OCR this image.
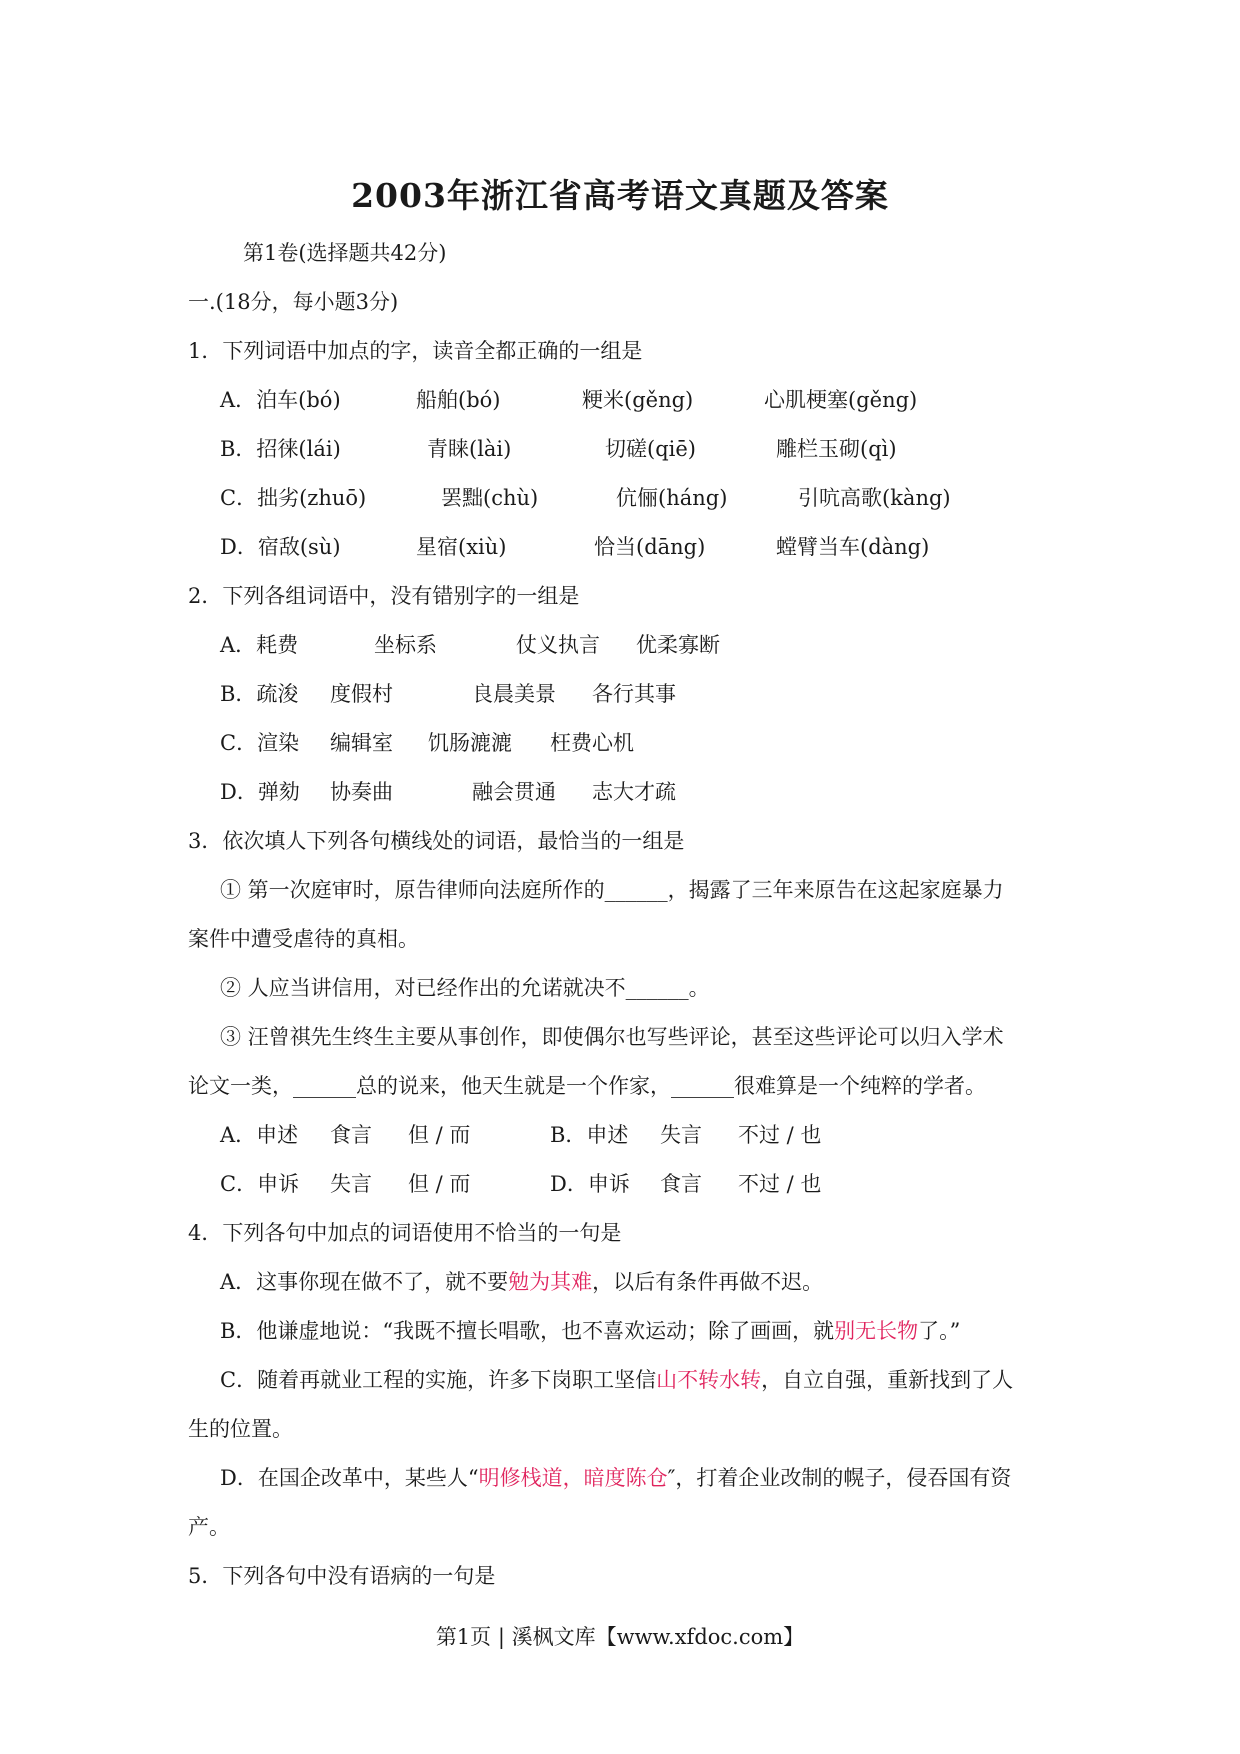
2003年浙江省高考语文真题及答案
第1卷(选择题共42分)
一.(18分，每小题3分)
1．下列词语中加点的字，读音全都正确的一组是
A．泊车(bó)	船舶(bó)	粳米(gěng)	心肌梗塞(gěng)
B．招徕(lái)	青睐(lài)	切磋(qiē)	雕栏玉砌(qì)
C．拙劣(zhuō)	罢黜(chù)	伉俪(háng)	引吭高歌(kàng)
D．宿敌(sù)	星宿(xiù)	恰当(dāng)	螳臂当车(dàng)
2．下列各组词语中，没有错别字的一组是
A．耗费	坐标系	仗义执言 优柔寡断
B．疏浚 度假村	良晨美景 各行其事
C．渲染 编辑室 饥肠漉漉 枉费心机
D．弹劾 协奏曲	融会贯通 志大才疏
3．依次填人下列各句横线处的词语，最恰当的一组是
① 第一次庭审时，原告律师向法庭所作的______，揭露了三年来原告在这起家庭暴力
案件中遭受虐待的真相。
② 人应当讲信用，对已经作出的允诺就决不______。
③ 汪曾祺先生终生主要从事创作，即使偶尔也写些评论，甚至这些评论可以归入学术
论文一类，______总的说来，他天生就是一个作家，______很难算是一个纯粹的学者。
A．申述 食言 但 / 而	B．申述 失言 不过 / 也
C．申诉 失言 但 / 而	D．申诉 食言 不过 / 也
4．下列各句中加点的词语使用不恰当的一句是
A．这事你现在做不了，就不要勉为其难，以后有条件再做不迟。
B．他谦虚地说：“我既不擅长唱歌，也不喜欢运动；除了画画，就别无长物了。”
C．随着再就业工程的实施，许多下岗职工坚信山不转水转，自立自强，重新找到了人
生的位置。
D．在国企改革中，某些人“明修栈道，暗度陈仓″，打着企业改制的幌子，侵吞国有资
产。
5．下列各句中没有语病的一句是
第1页 | 溪枫文库【www.xfdoc.com】
